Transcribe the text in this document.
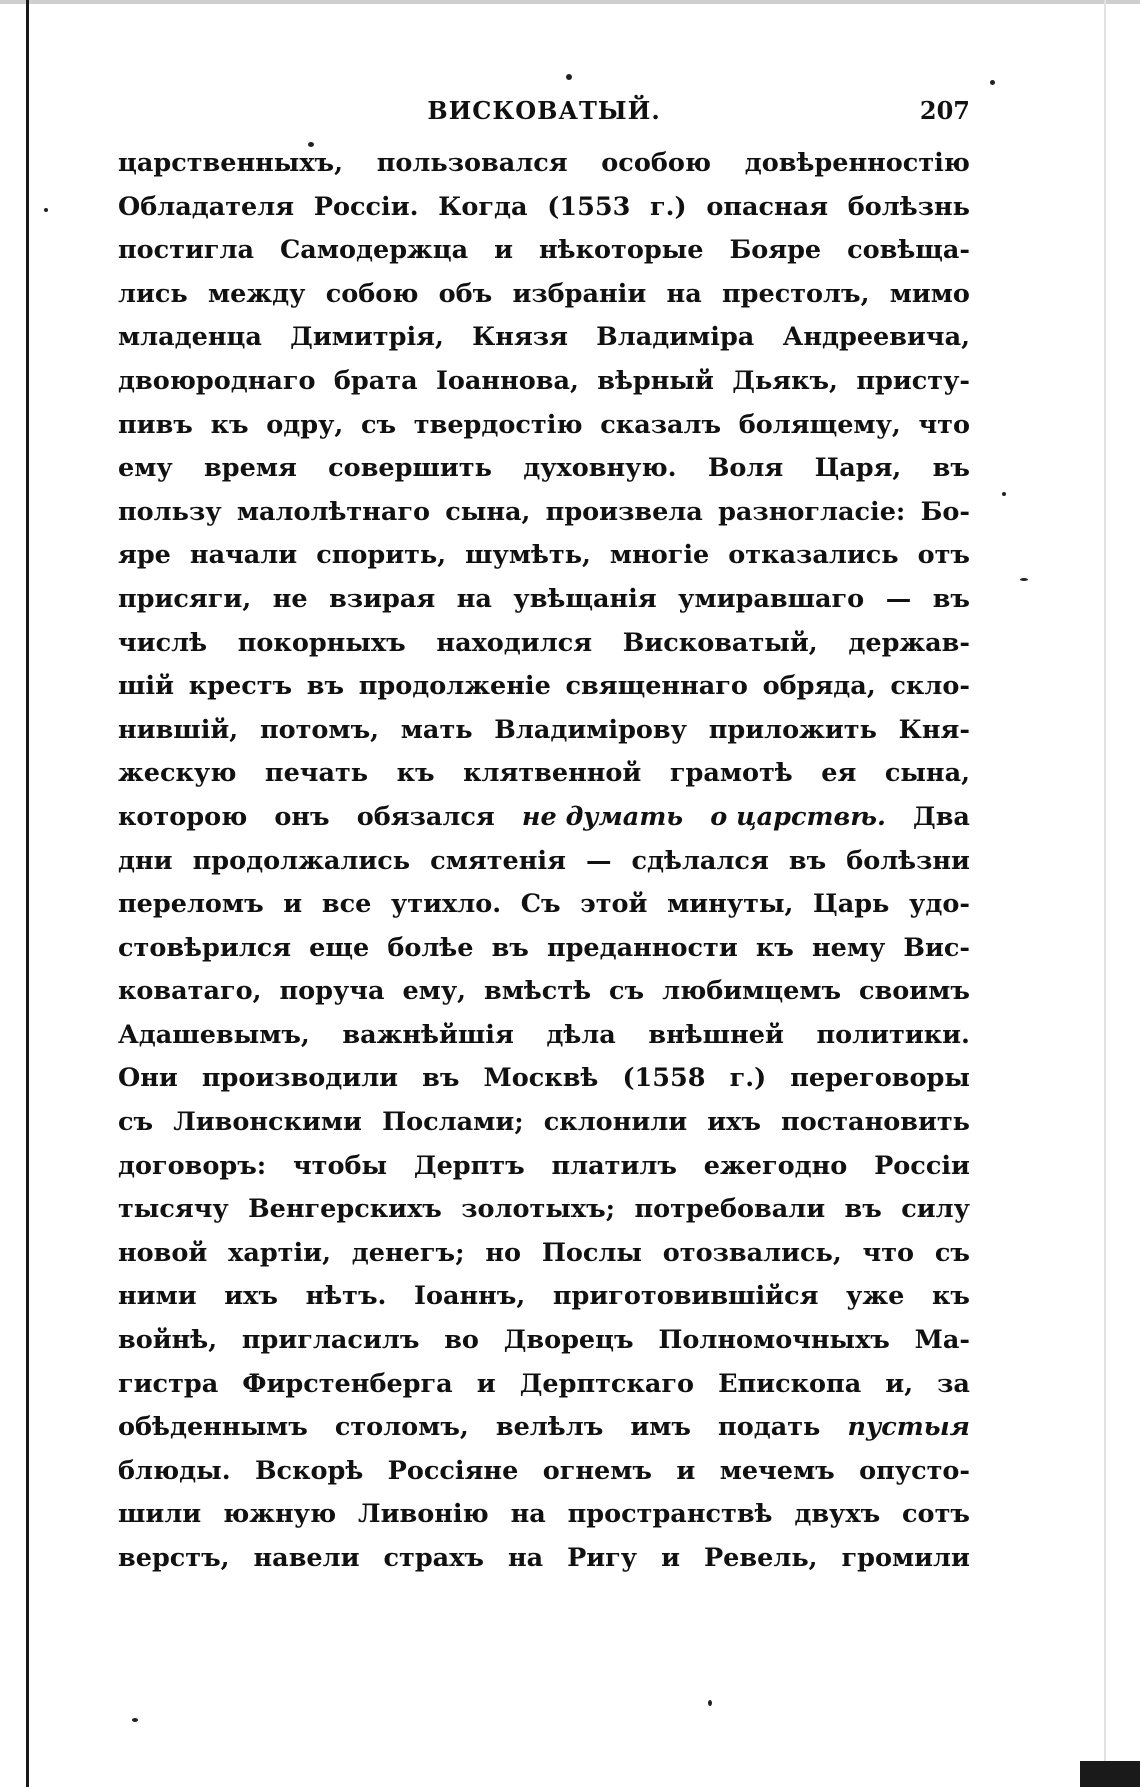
ВИСКОВАТЫЙ.	207
царственныхъ, пользовался особою довѣренностію
Обладателя Россіи. Когда (1553 г.) опасная болѣзнь
постигла Самодержца и нѣкоторые Бояре совѣща-
лись между собою объ избраніи на престолъ, мимо
младенца Димитрія, Князя Владиміра Андреевича,
двоюроднаго брата Іоаннова, вѣрный Дьякъ, присту-
пивъ къ одру, съ твердостію сказалъ болящему, что
ему время совершить духовную. Воля Царя, въ
пользу малолѣтнаго сына, произвела разногласіе: Бо-
яре начали спорить, шумѣть, многіе отказались отъ
присяги, не взирая на увѣщанія умиравшаго — въ
числѣ покорныхъ находился Висковатый, держав-
шій крестъ въ продолженіе священнаго обряда, скло-
нившій, потомъ, мать Владимірову приложить Кня-
жескую печать къ клятвенной грамотѣ ея сына,
которою онъ обязался не думать о царствѣ. Два
дни продолжались смятенія — сдѣлался въ болѣзни
переломъ и все утихло. Съ этой минуты, Царь удо-
стовѣрился еще болѣе въ преданности къ нему Вис-
коватаго, поруча ему, вмѣстѣ съ любимцемъ своимъ
Адашевымъ, важнѣйшія дѣла внѣшней политики.
Они производили въ Москвѣ (1558 г.) переговоры
съ Ливонскими Послами; склонили ихъ постановить
договоръ: чтобы Дерптъ платилъ ежегодно Россіи
тысячу Венгерскихъ золотыхъ; потребовали въ силу
новой хартіи, денегъ; но Послы отозвались, что съ
ними ихъ нѣтъ. Іоаннъ, приготовившійся уже къ
войнѣ, пригласилъ во Дворецъ Полномочныхъ Ма-
гистра Фирстенберга и Дерптскаго Епископа и, за
обѣденнымъ столомъ, велѣлъ имъ подать пустыя
блюды. Вскорѣ Россіяне огнемъ и мечемъ опусто-
шили южную Ливонію на пространствѣ двухъ сотъ
верстъ, навели страхъ на Ригу и Ревель, громили
